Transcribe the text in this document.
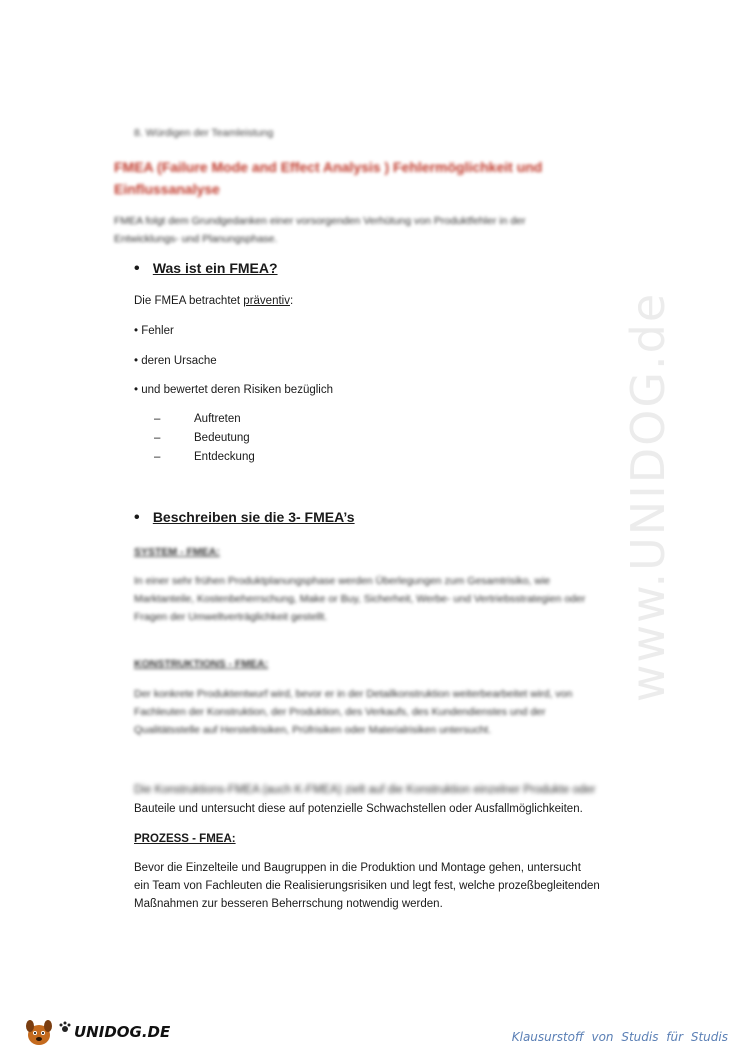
www.UNIDOG.de
8. Würdigen der Teamleistung
FMEA (Failure Mode and Effect Analysis ) Fehlermöglichkeit und Einflussanalyse
FMEA folgt dem Grundgedanken einer vorsorgenden Verhütung von Produktfehler in der Entwicklungs- und Planungsphase.
• Was ist ein FMEA?
Die FMEA betrachtet präventiv:
• Fehler
• deren Ursache
• und bewertet deren Risiken bezüglich
–	Auftreten
–	Bedeutung
–	Entdeckung
• Beschreiben sie die 3- FMEA’s
SYSTEM - FMEA:
In einer sehr frühen Produktplanungsphase werden Überlegungen zum Gesamtrisiko, wie Marktanteile, Kostenbeherrschung, Make or Buy, Sicherheit, Werbe- und Vertriebsstrategien oder Fragen der Umweltverträglichkeit gestellt.
KONSTRUKTIONS - FMEA:
Der konkrete Produktentwurf wird, bevor er in der Detailkonstruktion weiterbearbeitet wird, von Fachleuten der Konstruktion, der Produktion, des Verkaufs, des Kundendienstes und der Qualitätsstelle auf Herstellrisiken, Prüfrisiken oder Materialrisiken untersucht.
Die Konstruktions-FMEA (auch K-FMEA) zielt auf die Konstruktion einzelner Produkte oder
Bauteile und untersucht diese auf potenzielle Schwachstellen oder Ausfallmöglichkeiten.
PROZESS - FMEA:
Bevor die Einzelteile und Baugruppen in die Produktion und Montage gehen, untersucht
ein Team von Fachleuten die Realisierungsrisiken und legt fest, welche prozeßbegleitenden
Maßnahmen zur besseren Beherrschung notwendig werden.
UNIDOG.DE	Klausurstoff von Studis für Studis
